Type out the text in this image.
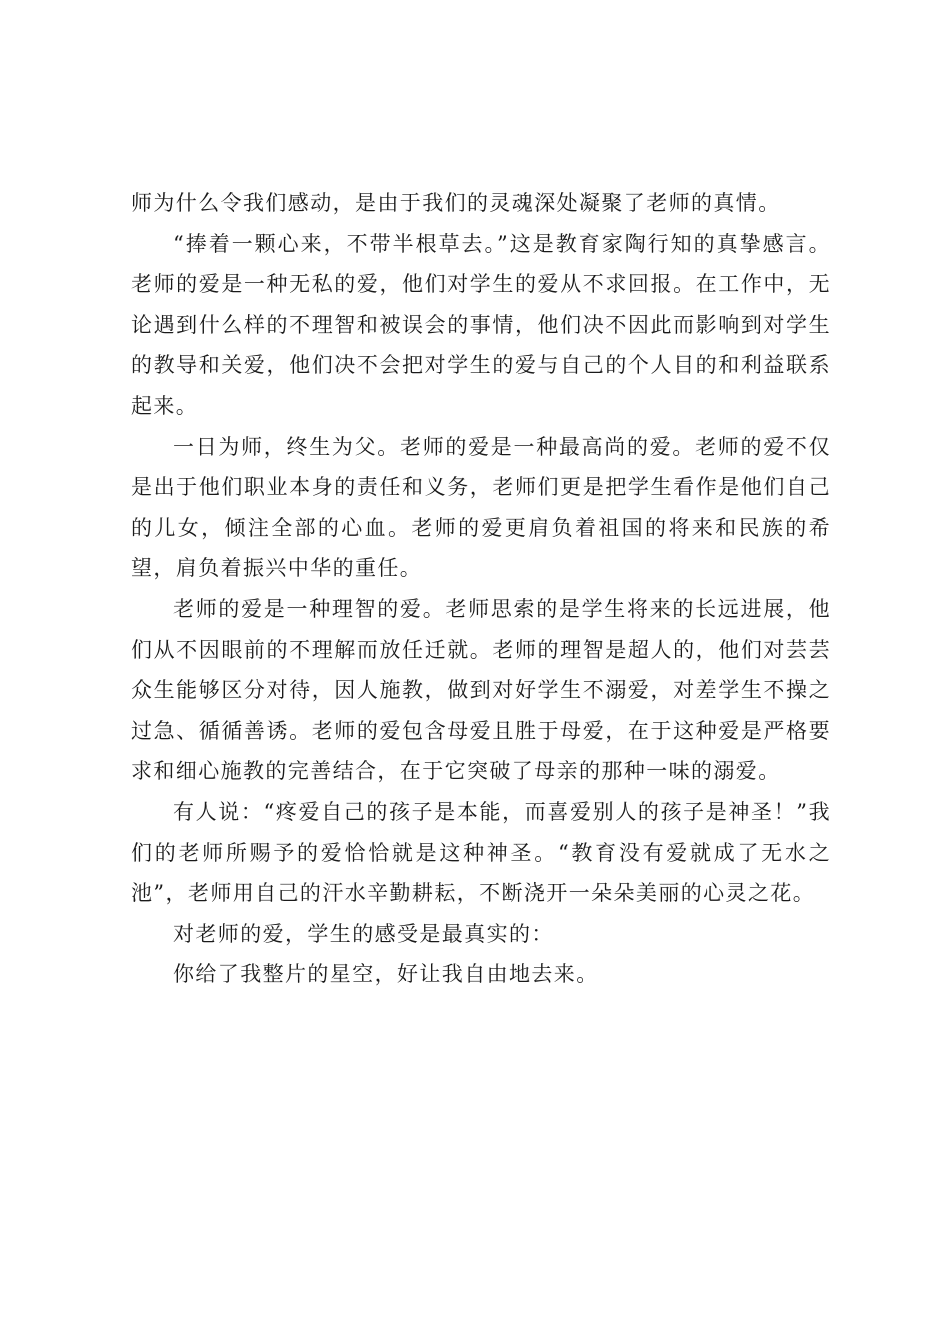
师为什么令我们感动，是由于我们的灵魂深处凝聚了老师的真情。

“捧着一颗心来，不带半根草去。”这是教育家陶行知的真挚感言。老师的爱是一种无私的爱，他们对学生的爱从不求回报。在工作中，无论遇到什么样的不理智和被误会的事情，他们决不因此而影响到对学生的教导和关爱，他们决不会把对学生的爱与自己的个人目的和利益联系起来。

一日为师，终生为父。老师的爱是一种最高尚的爱。老师的爱不仅是出于他们职业本身的责任和义务，老师们更是把学生看作是他们自己的儿女，倾注全部的心血。老师的爱更肩负着祖国的将来和民族的希望，肩负着振兴中华的重任。

老师的爱是一种理智的爱。老师思索的是学生将来的长远进展，他们从不因眼前的不理解而放任迁就。老师的理智是超人的，他们对芸芸众生能够区分对待，因人施教，做到对好学生不溺爱，对差学生不操之过急、循循善诱。老师的爱包含母爱且胜于母爱，在于这种爱是严格要求和细心施教的完善结合，在于它突破了母亲的那种一味的溺爱。

有人说：“疼爱自己的孩子是本能，而喜爱别人的孩子是神圣！”我们的老师所赐予的爱恰恰就是这种神圣。“教育没有爱就成了无水之池”，老师用自己的汗水辛勤耕耘，不断浇开一朵朵美丽的心灵之花。

对老师的爱，学生的感受是最真实的：

你给了我整片的星空，好让我自由地去来。
